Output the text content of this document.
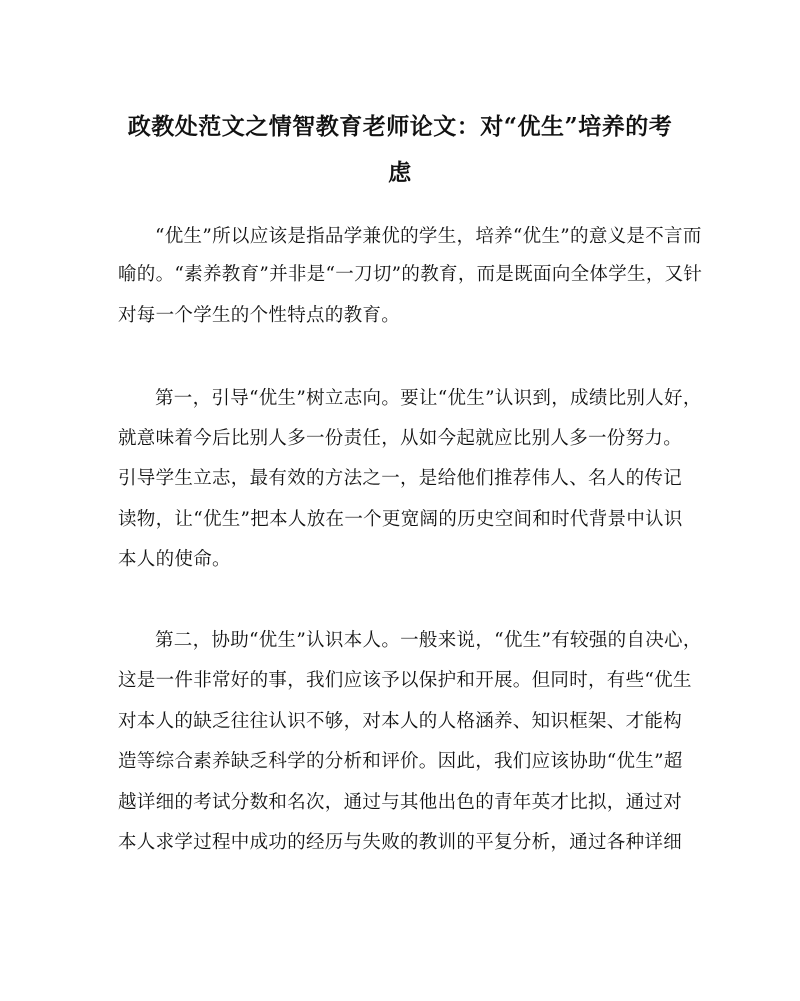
政教处范文之情智教育老师论文：对“优生”培养的考虑

“优生”所以应该是指品学兼优的学生，培养“优生”的意义是不言而

喻的。“素养教育”并非是“一刀切”的教育，而是既面向全体学生，又针

对每一个学生的个性特点的教育。

第一，引导“优生”树立志向。要让“优生”认识到，成绩比别人好，

就意味着今后比别人多一份责任，从如今起就应比别人多一份努力。

引导学生立志，最有效的方法之一，是给他们推荐伟人、名人的传记

读物，让“优生”把本人放在一个更宽阔的历史空间和时代背景中认识

本人的使命。

第二，协助“优生”认识本人。一般来说，“优生”有较强的自决心，

这是一件非常好的事，我们应该予以保护和开展。但同时，有些“优生

对本人的缺乏往往认识不够，对本人的人格涵养、知识框架、才能构

造等综合素养缺乏科学的分析和评价。因此，我们应该协助“优生”超

越详细的考试分数和名次，通过与其他出色的青年英才比拟，通过对

本人求学过程中成功的经历与失败的教训的平复分析，通过各种详细
